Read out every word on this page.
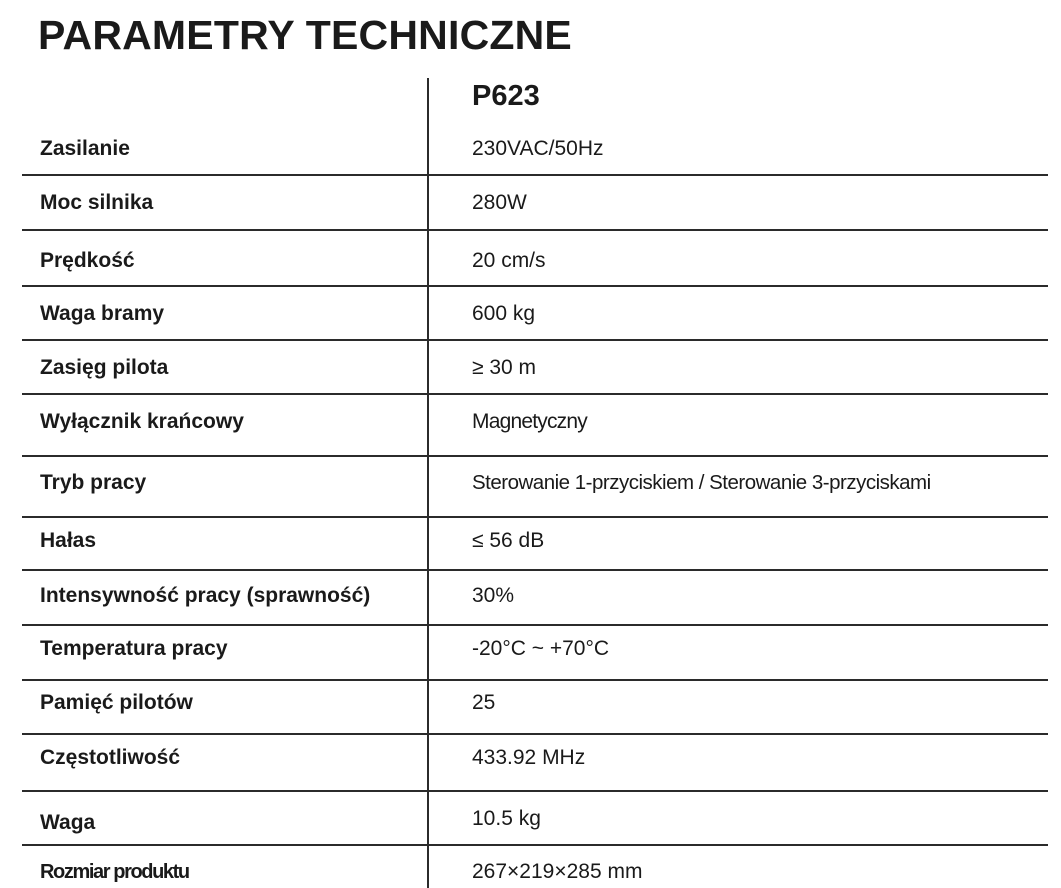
PARAMETRY TECHNICZNE
P623
Zasilanie	230VAC/50Hz
Moc silnika	280W
Prędkość	20 cm/s
Waga bramy	600 kg
Zasięg pilota	≥ 30 m
Wyłącznik krańcowy	Magnetyczny
Tryb pracy	Sterowanie 1-przyciskiem / Sterowanie 3-przyciskami
Hałas	≤ 56 dB
Intensywność pracy (sprawność)	30%
Temperatura pracy	-20°C ~ +70°C
Pamięć pilotów	25
Częstotliwość	433.92 MHz
Waga	10.5 kg
Rozmiar produktu	267×219×285 mm
